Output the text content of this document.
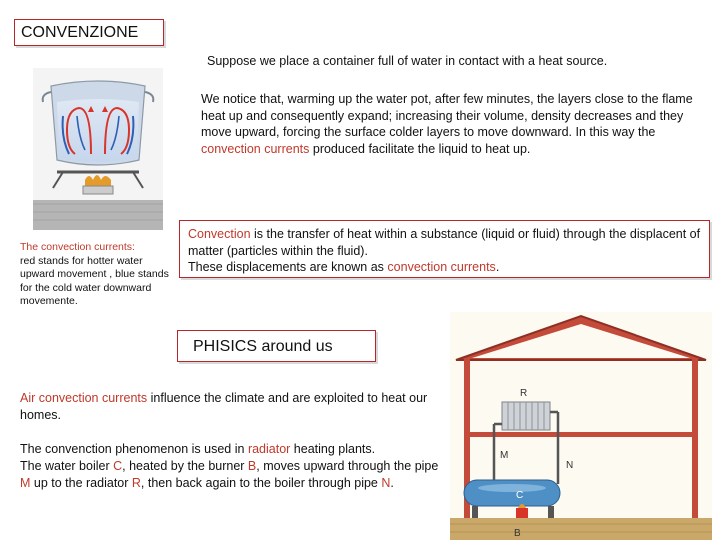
CONVENZIONE
Suppose we place a container full of water in contact with a heat source.
We notice that, warming up the water pot, after few minutes, the layers close to the flame heat up and consequently expand; increasing their volume, density decreases and they move upward, forcing the surface colder layers to move downward. In this way the convection currents produced facilitate the liquid to heat up.
The convection currents:
red stands for hotter water upward movement , blue stands for the cold water downward movemente.
Convection is the transfer of heat within a substance (liquid or fluid) through the displacent of matter (particles within the fluid).
These displacements are known as convection currents.
PHISICS around us
Air convection currents influence the climate and are exploited to heat our homes.
The convenction phenomenon is used in radiator heating plants.
The water boiler C, heated by the burner B, moves upward through the pipe M up to the radiator R, then back again to the boiler through pipe N.
R
M
N
C
B
